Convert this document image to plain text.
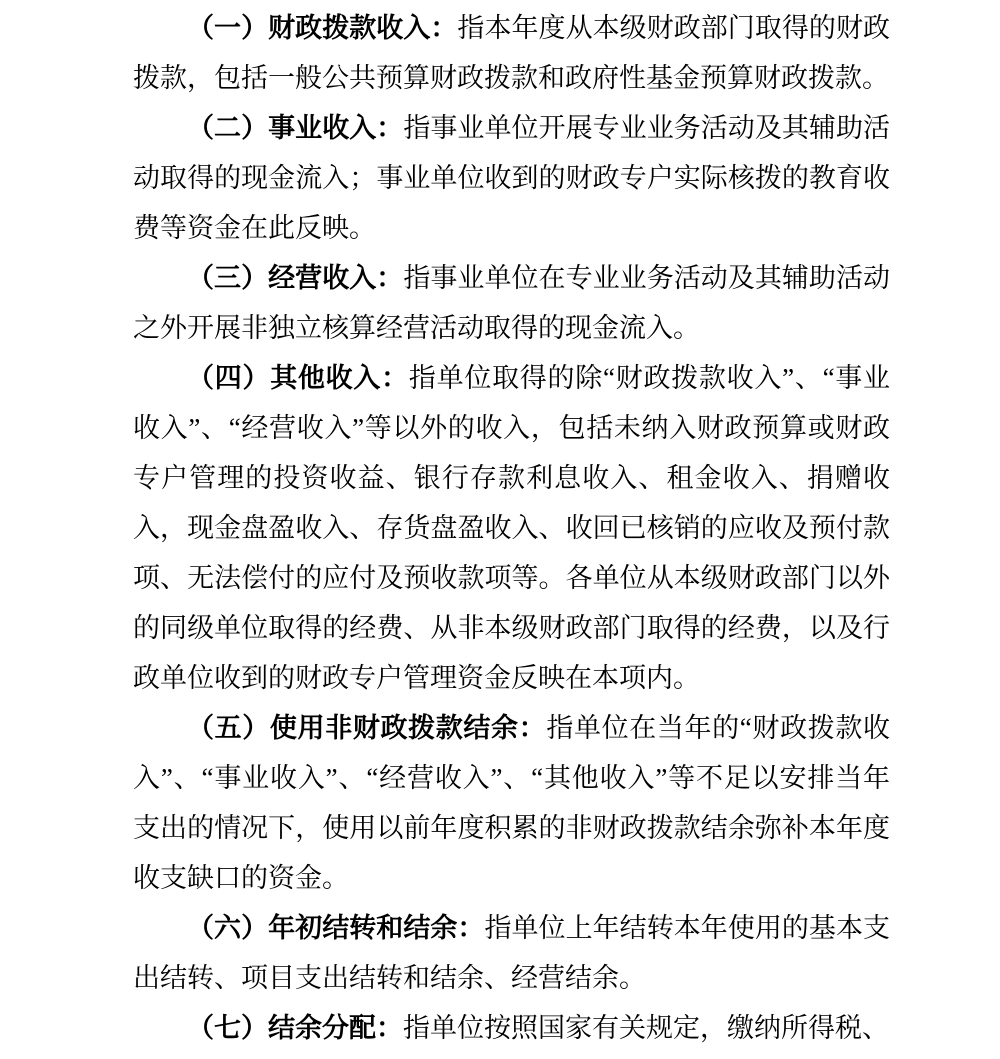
（一）财政拨款收入：指本年度从本级财政部门取得的财政拨款，包括一般公共预算财政拨款和政府性基金预算财政拨款。

（二）事业收入：指事业单位开展专业业务活动及其辅助活动取得的现金流入；事业单位收到的财政专户实际核拨的教育收费等资金在此反映。

（三）经营收入：指事业单位在专业业务活动及其辅助活动之外开展非独立核算经营活动取得的现金流入。

（四）其他收入：指单位取得的除“财政拨款收入”、“事业收入”、“经营收入”等以外的收入，包括未纳入财政预算或财政专户管理的投资收益、银行存款利息收入、租金收入、捐赠收入，现金盘盈收入、存货盘盈收入、收回已核销的应收及预付款项、无法偿付的应付及预收款项等。各单位从本级财政部门以外的同级单位取得的经费、从非本级财政部门取得的经费，以及行政单位收到的财政专户管理资金反映在本项内。

（五）使用非财政拨款结余：指单位在当年的“财政拨款收入”、“事业收入”、“经营收入”、“其他收入”等不足以安排当年支出的情况下，使用以前年度积累的非财政拨款结余弥补本年度收支缺口的资金。

（六）年初结转和结余：指单位上年结转本年使用的基本支出结转、项目支出结转和结余、经营结余。

（七）结余分配：指单位按照国家有关规定，缴纳所得税、
